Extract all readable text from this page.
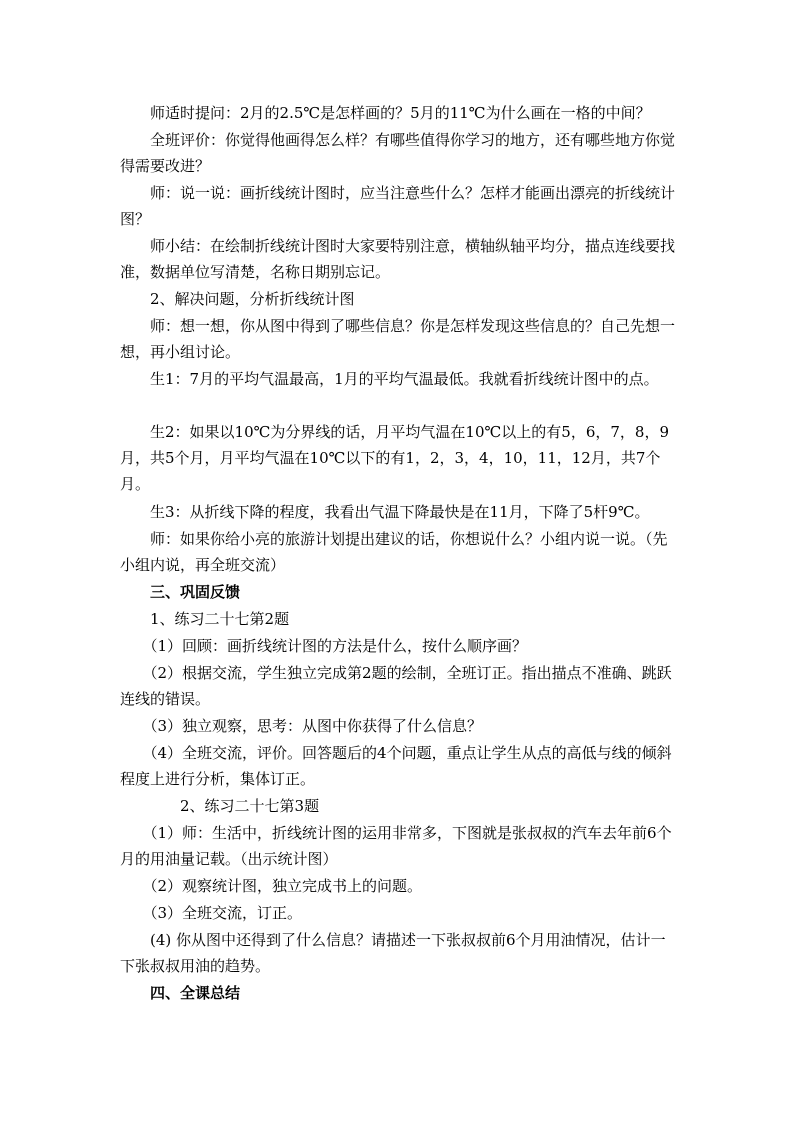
　　师适时提问：2月的2.5℃是怎样画的？5月的11℃为什么画在一格的中间？
　　全班评价：你觉得他画得怎么样？有哪些值得你学习的地方，还有哪些地方你觉得需要改进？
　　师：说一说：画折线统计图时，应当注意些什么？怎样才能画出漂亮的折线统计图？
　　师小结：在绘制折线统计图时大家要特别注意，横轴纵轴平均分，描点连线要找准，数据单位写清楚，名称日期别忘记。
　　2、解决问题，分析折线统计图
　　师：想一想，你从图中得到了哪些信息？你是怎样发现这些信息的？自己先想一想，再小组讨论。
　　生1：7月的平均气温最高，1月的平均气温最低。我就看折线统计图中的点。
　　生2：如果以10℃为分界线的话，月平均气温在10℃以上的有5，6，7，8，9月，共5个月，月平均气温在10℃以下的有1，2，3，4，10，11，12月，共7个月。
　　生3：从折线下降的程度，我看出气温下降最快是在11月，下降了5杆9℃。
　　师：如果你给小亮的旅游计划提出建议的话，你想说什么？小组内说一说。（先小组内说，再全班交流）
　　三、巩固反馈
　　1、练习二十七第2题
　　（1）回顾：画折线统计图的方法是什么，按什么顺序画？
　　（2）根据交流，学生独立完成第2题的绘制，全班订正。指出描点不准确、跳跃连线的错误。
　　（3）独立观察，思考：从图中你获得了什么信息？
　　（4）全班交流，评价。回答题后的4个问题，重点让学生从点的高低与线的倾斜程度上进行分析，集体订正。
　　　　2、练习二十七第3题
　　（1）师：生活中，折线统计图的运用非常多，下图就是张叔叔的汽车去年前6个月的用油量记载。（出示统计图）
　　（2）观察统计图，独立完成书上的问题。
　　（3）全班交流，订正。
　　(4) 你从图中还得到了什么信息？请描述一下张叔叔前6个月用油情况，估计一下张叔叔用油的趋势。
　　四、全课总结
